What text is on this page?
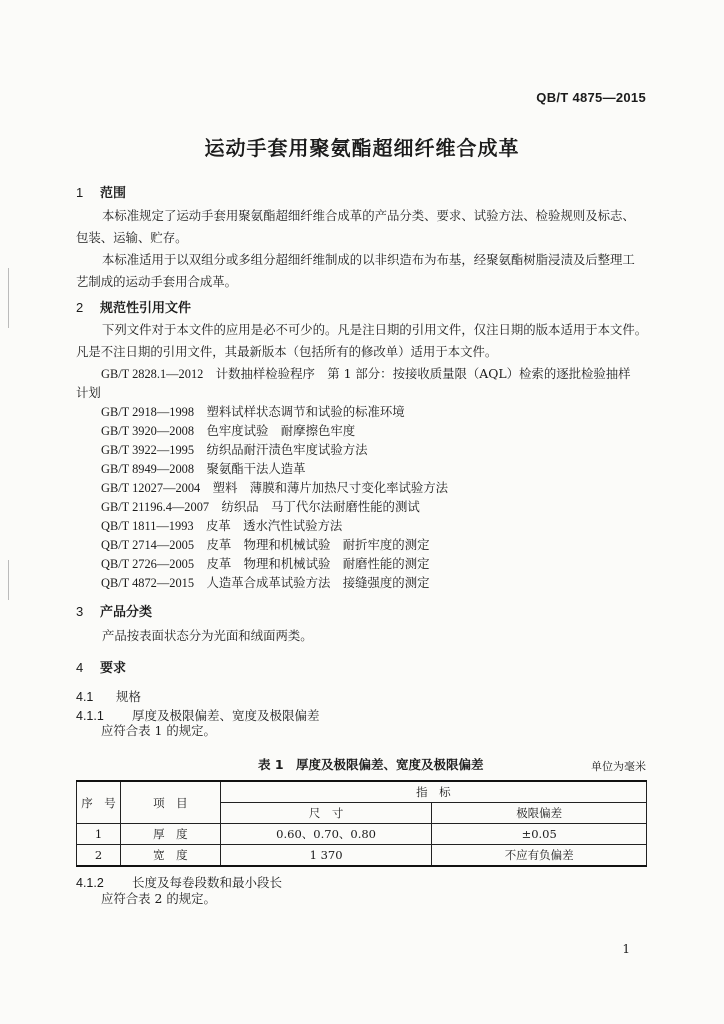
QB/T 4875—2015
运动手套用聚氨酯超细纤维合成革
1 范围

本标准规定了运动手套用聚氨酯超细纤维合成革的产品分类、要求、试验方法、检验规则及标志、

包装、运输、贮存。

本标准适用于以双组分或多组分超细纤维制成的以非织造布为布基，经聚氨酯树脂浸渍及后整理工

艺制成的运动手套用合成革。

2 规范性引用文件

下列文件对于本文件的应用是必不可少的。凡是注日期的引用文件，仅注日期的版本适用于本文件。

凡是不注日期的引用文件，其最新版本（包括所有的修改单）适用于本文件。

GB/T 2828.1—2012　 计数抽样检验程序　第 1 部分：按接收质量限（AQL）检索的逐批检验抽样
计划
GB/T 2918—1998　 塑料试样状态调节和试验的标准环境
GB/T 3920—2008　 色牢度试验　耐摩擦色牢度
GB/T 3922—1995　 纺织品耐汗渍色牢度试验方法
GB/T 8949—2008　 聚氨酯干法人造革
GB/T 12027—2004　 塑料　薄膜和薄片加热尺寸变化率试验方法
GB/T 21196.4—2007　 纺织品　马丁代尔法耐磨性能的测试
QB/T 1811—1993　 皮革　透水汽性试验方法
QB/T 2714—2005　 皮革　物理和机械试验　耐折牢度的测定
QB/T 2726—2005　 皮革　物理和机械试验　耐磨性能的测定
QB/T 4872—2015　 人造革合成革试验方法　接缝强度的测定
3 产品分类

产品按表面状态分为光面和绒面两类。

4 要求
4.1 规格
4.1.1 厚度及极限偏差、宽度及极限偏差

应符合表 1 的规定。

表 1　厚度及极限偏差、宽度及极限偏差	单位为毫米
序　号	项　目	指　标	
		尺　寸	极限偏差
1	厚　度	0.60、0.70、0.80	±0.05
2	宽　度	1 370	不应有负偏差
4.1.2 长度及每卷段数和最小段长

应符合表 2 的规定。

1
